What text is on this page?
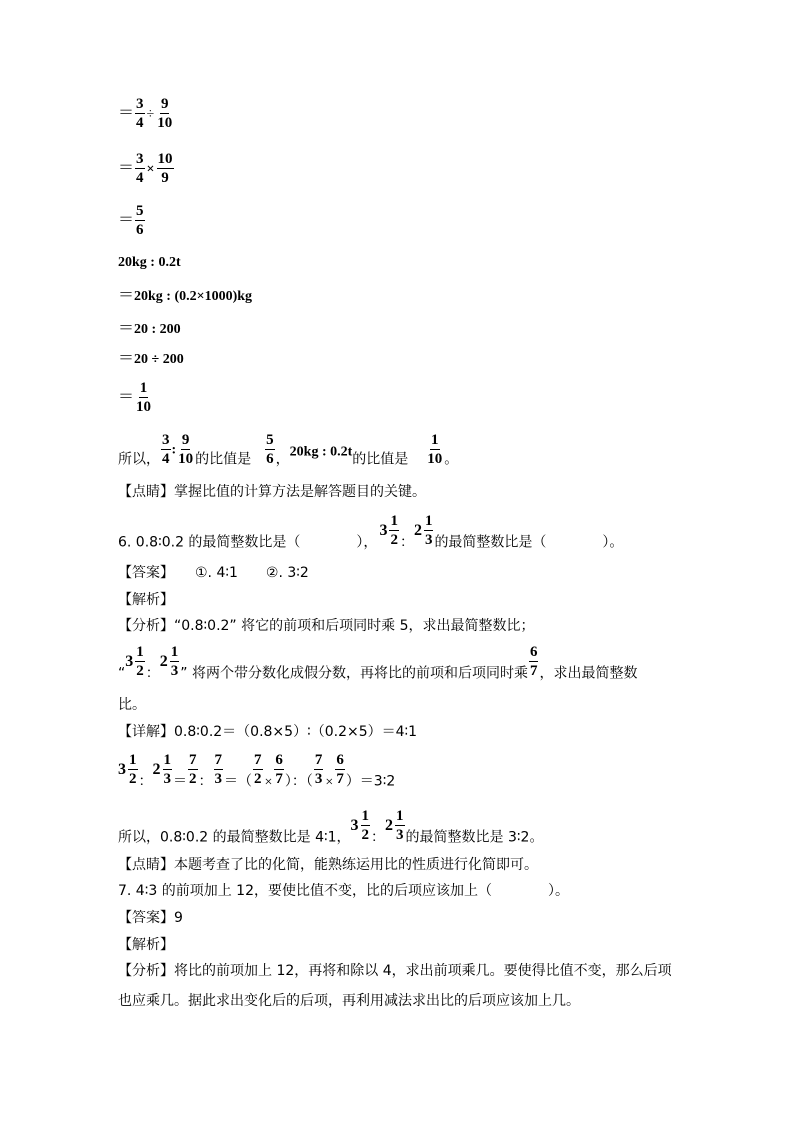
＝ $\frac{3}{4} \div \frac{9}{10}$
＝ $\frac{3}{4} \times \frac{10}{9}$
＝ $\frac{5}{6}$
20kg : 0.2t
＝20kg : (0.2×1000)kg
＝20 : 200
＝20 ÷ 200
＝ $\frac{1}{10}$
所以， $\frac{3}{4}$ : $\frac{9}{10}$ 的比值是 $\frac{5}{6}$ ，20kg : 0.2t的比值是 $\frac{1}{10}$ 。
【点睛】掌握比值的计算方法是解答题目的关键。
6. 0.8∶0.2 的最简整数比是（　　　　），
$3 \frac{1}{2}$ ：
$2 \frac{1}{3}$ 的最简整数比是（　　　　）。
【答案】　　①. 4∶1　　②. 3∶2
【解析】
【分析】“0.8∶0.2” 将它的前项和后项同时乘 5，求出最简整数比；
“
$3 \frac{1}{2}$ ：
$2 \frac{1}{3}$ ” 将两个带分数化成假分数，再将比的前项和后项同时乘 $\frac{6}{7}$ ，求出最简整数
比。
【详解】0.8∶0.2＝（0.8×5）∶（0.2×5）＝4∶1
$3 \frac{1}{2}$ ：
$2 \frac{1}{3} = \frac{7}{2}$ ： $\frac{7}{3}$ ＝（ $\frac{7}{2} \times \frac{6}{7}$ ）：（ $\frac{7}{3} \times \frac{6}{7}$ ）＝3∶2
所以，0.8∶0.2 的最简整数比是 4∶1，
$3 \frac{1}{2}$ ：
$2 \frac{1}{3}$ 的最简整数比是 3∶2。
【点睛】本题考查了比的化简，能熟练运用比的性质进行化简即可。
7. 4∶3 的前项加上 12，要使比值不变，比的后项应该加上（　　　　）。
【答案】9
【解析】
【分析】将比的前项加上 12，再将和除以 4，求出前项乘几。要使得比值不变，那么后项
也应乘几。据此求出变化后的后项，再利用减法求出比的后项应该加上几。
